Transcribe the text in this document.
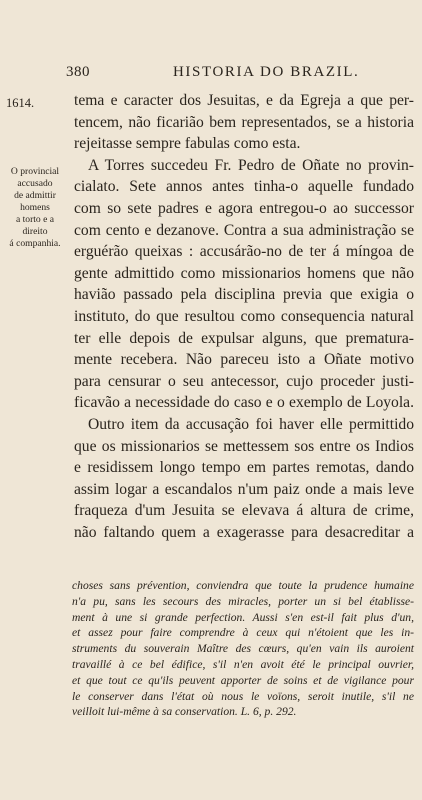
380	HISTORIA DO BRAZIL.
1614.
O provincial
accusado
de admittir
homens
a torto e a
direito
á companhia.
tema e caracter dos Jesuitas, e da Egreja a que per-
tencem, não ficarião bem representados, se a historia
rejeitasse sempre fabulas como esta.
A Torres succedeu Fr. Pedro de Oñate no provin-
cialato. Sete annos antes tinha-o aquelle fundado
com so sete padres e agora entregou-o ao successor
com cento e dezanove. Contra a sua administração se
erguérão queixas : accusárão-no de ter á míngoa de
gente admittido como missionarios homens que não
havião passado pela disciplina previa que exigia o
instituto, do que resultou como consequencia natural
ter elle depois de expulsar alguns, que prematura-
mente recebera. Não pareceu isto a Oñate motivo
para censurar o seu antecessor, cujo proceder justi-
ficavão a necessidade do caso e o exemplo de Loyola.
Outro item da accusação foi haver elle permittido
que os missionarios se mettessem sos entre os Indios
e residissem longo tempo em partes remotas, dando
assim logar a escandalos n'um paiz onde a mais leve
fraqueza d'um Jesuita se elevava á altura de crime,
não faltando quem a exagerasse para desacreditar a
choses sans prévention, conviendra que toute la prudence humaine
n'a pu, sans les secours des miracles, porter un si bel établisse-
ment à une si grande perfection. Aussi s'en est-il fait plus d'un,
et assez pour faire comprendre à ceux qui n'étoient que les in-
struments du souverain Maître des cœurs, qu'en vain ils auroient
travaillé à ce bel édifice, s'il n'en avoit été le principal ouvrier,
et que tout ce qu'ils peuvent apporter de soins et de vigilance pour
le conserver dans l'état où nous le voïons, seroit inutile, s'il ne
veilloit lui-même à sa conservation. L. 6, p. 292.
